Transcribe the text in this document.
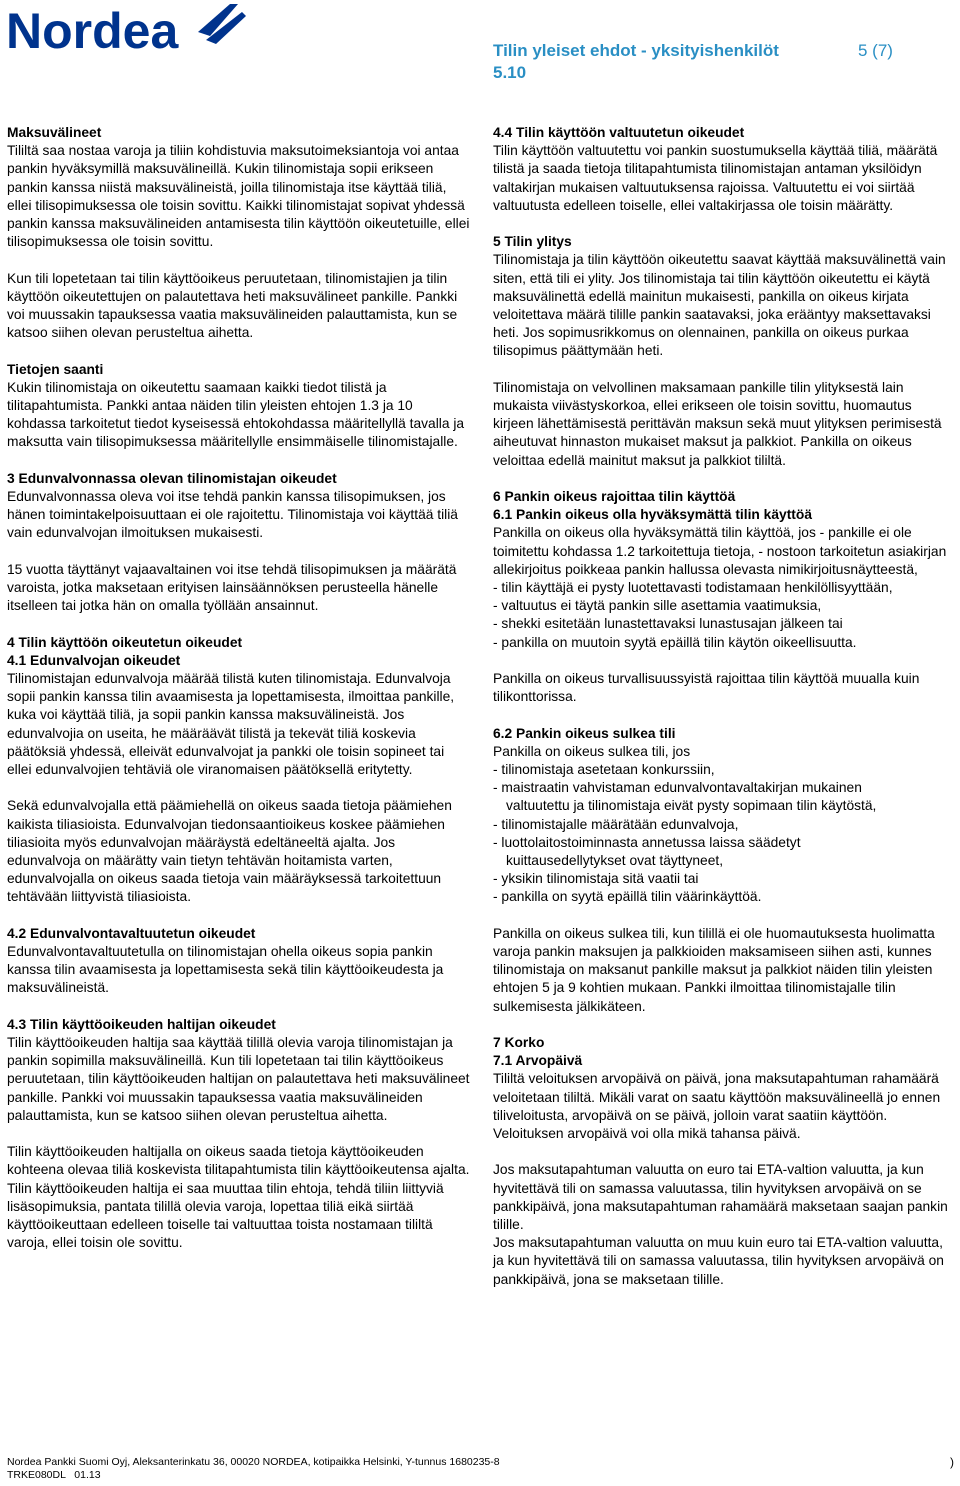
Nordea	Tilin yleiset ehdot - yksityishenkilöt
5.10
5 (7)
Maksuvälineet

Tililtä saa nostaa varoja ja tiliin kohdistuvia maksutoimeksiantoja voi antaa pankin hyväksymillä maksuvälineillä. Kukin tilinomistaja sopii erikseen pankin kanssa niistä maksuvälineistä, joilla tilinomistaja itse käyttää tiliä, ellei tilisopimuksessa ole toisin sovittu. Kaikki tilinomistajat sopivat yhdessä pankin kanssa maksuvälineiden antamisesta tilin käyttöön oikeutetuille, ellei tilisopimuksessa ole toisin sovittu.

Kun tili lopetetaan tai tilin käyttöoikeus peruutetaan, tilinomistajien ja tilin käyttöön oikeutettujen on palautettava heti maksuvälineet pankille. Pankki voi muussakin tapauksessa vaatia maksuvälineiden palauttamista, kun se katsoo siihen olevan perusteltua aihetta.

Tietojen saanti

Kukin tilinomistaja on oikeutettu saamaan kaikki tiedot tilistä ja tilitapahtumista. Pankki antaa näiden tilin yleisten ehtojen 1.3 ja 10 kohdassa tarkoitetut tiedot kyseisessä ehtokohdassa määritellyllä tavalla ja maksutta vain tilisopimuksessa määritellylle ensimmäiselle tilinomistajalle.

3 Edunvalvonnassa olevan tilinomistajan oikeudet

Edunvalvonnassa oleva voi itse tehdä pankin kanssa tilisopimuksen, jos hänen toimintakelpoisuuttaan ei ole rajoitettu. Tilinomistaja voi käyttää tiliä vain edunvalvojan ilmoituksen mukaisesti.

15 vuotta täyttänyt vajaavaltainen voi itse tehdä tilisopimuksen ja määrätä varoista, jotka maksetaan erityisen lainsäännöksen perusteella hänelle itselleen tai jotka hän on omalla työllään ansainnut.

4 Tilin käyttöön oikeutetun oikeudet
4.1 Edunvalvojan oikeudet

Tilinomistajan edunvalvoja määrää tilistä kuten tilinomistaja. Edunvalvoja sopii pankin kanssa tilin avaamisesta ja lopettamisesta, ilmoittaa pankille, kuka voi käyttää tiliä, ja sopii pankin kanssa maksuvälineistä. Jos edunvalvojia on useita, he määräävät tilistä ja tekevät tiliä koskevia päätöksiä yhdessä, elleivät edunvalvojat ja pankki ole toisin sopineet tai ellei edunvalvojien tehtäviä ole viranomaisen päätöksellä eritytetty.

Sekä edunvalvojalla että päämiehellä on oikeus saada tietoja päämiehen kaikista tiliasioista. Edunvalvojan tiedonsaantioikeus koskee päämiehen tiliasioita myös edunvalvojan määräystä edeltäneeltä ajalta. Jos edunvalvoja on määrätty vain tietyn tehtävän hoitamista varten, edunvalvojalla on oikeus saada tietoja vain määräyksessä tarkoitettuun tehtävään liittyvistä tiliasioista.

4.2 Edunvalvontavaltuutetun oikeudet

Edunvalvontavaltuutetulla on tilinomistajan ohella oikeus sopia pankin kanssa tilin avaamisesta ja lopettamisesta sekä tilin käyttöoikeudesta ja maksuvälineistä.

4.3 Tilin käyttöoikeuden haltijan oikeudet

Tilin käyttöoikeuden haltija saa käyttää tilillä olevia varoja tilinomistajan ja pankin sopimilla maksuvälineillä. Kun tili lopetetaan tai tilin käyttöoikeus peruutetaan, tilin käyttöoikeuden haltijan on palautettava heti maksuvälineet pankille. Pankki voi muussakin tapauksessa vaatia maksuvälineiden palauttamista, kun se katsoo siihen olevan perusteltua aihetta.

Tilin käyttöoikeuden haltijalla on oikeus saada tietoja käyttöoikeuden kohteena olevaa tiliä koskevista tilitapahtumista tilin käyttöoikeutensa ajalta. Tilin käyttöoikeuden haltija ei saa muuttaa tilin ehtoja, tehdä tiliin liittyviä lisäsopimuksia, pantata tilillä olevia varoja, lopettaa tiliä eikä siirtää käyttöoikeuttaan edelleen toiselle tai valtuuttaa toista nostamaan tililtä varoja, ellei toisin ole sovittu.

4.4 Tilin käyttöön valtuutetun oikeudet

Tilin käyttöön valtuutettu voi pankin suostumuksella käyttää tiliä, määrätä tilistä ja saada tietoja tilitapahtumista tilinomistajan antaman yksilöidyn valtakirjan mukaisen valtuutuksensa rajoissa. Valtuutettu ei voi siirtää valtuutusta edelleen toiselle, ellei valtakirjassa ole toisin määrätty.

5 Tilin ylitys

Tilinomistaja ja tilin käyttöön oikeutettu saavat käyttää maksuvälinettä vain siten, että tili ei ylity. Jos tilinomistaja tai tilin käyttöön oikeutettu ei käytä maksuvälinettä edellä mainitun mukaisesti, pankilla on oikeus kirjata veloitettava määrä tilille pankin saatavaksi, joka erääntyy maksettavaksi heti. Jos sopimusrikkomus on olennainen, pankilla on oikeus purkaa tilisopimus päättymään heti.

Tilinomistaja on velvollinen maksamaan pankille tilin ylityksestä lain mukaista viivästyskorkoa, ellei erikseen ole toisin sovittu, huomautus kirjeen lähettämisestä perittävän maksun sekä muut ylityksen perimisestä aiheutuvat hinnaston mukaiset maksut ja palkkiot. Pankilla on oikeus veloittaa edellä mainitut maksut ja palkkiot tililtä.

6 Pankin oikeus rajoittaa tilin käyttöä
6.1 Pankin oikeus olla hyväksymättä tilin käyttöä

Pankilla on oikeus olla hyväksymättä tilin käyttöä, jos - pankille ei ole toimitettu kohdassa 1.2 tarkoitettuja tietoja, - nostoon tarkoitetun asiakirjan allekirjoitus poikkeaa pankin hallussa olevasta nimikirjoitusnäytteestä,

- tilin käyttäjä ei pysty luotettavasti todistamaan henkilöllisyyttään,

- valtuutus ei täytä pankin sille asettamia vaatimuksia,

- shekki esitetään lunastettavaksi lunastusajan jälkeen tai

- pankilla on muutoin syytä epäillä tilin käytön oikeellisuutta.

Pankilla on oikeus turvallisuussyistä rajoittaa tilin käyttöä muualla kuin tilikonttorissa.

6.2 Pankin oikeus sulkea tili

Pankilla on oikeus sulkea tili, jos

- tilinomistaja asetetaan konkurssiin,

- maistraatin vahvistaman edunvalvontavaltakirjan mukainen

valtuutettu ja tilinomistaja eivät pysty sopimaan tilin käytöstä,

- tilinomistajalle määrätään edunvalvoja,

- luottolaitostoiminnasta annetussa laissa säädetyt

kuittausedellytykset ovat täyttyneet,

- yksikin tilinomistaja sitä vaatii tai

- pankilla on syytä epäillä tilin väärinkäyttöä.

Pankilla on oikeus sulkea tili, kun tilillä ei ole huomautuksesta huolimatta varoja pankin maksujen ja palkkioiden maksamiseen siihen asti, kunnes tilinomistaja on maksanut pankille maksut ja palkkiot näiden tilin yleisten ehtojen 5 ja 9 kohtien mukaan. Pankki ilmoittaa tilinomistajalle tilin sulkemisesta jälkikäteen.

7 Korko
7.1 Arvopäivä

Tililtä veloituksen arvopäivä on päivä, jona maksutapahtuman rahamäärä veloitetaan tililtä. Mikäli varat on saatu käyttöön maksuvälineellä jo ennen tiliveloitusta, arvopäivä on se päivä, jolloin varat saatiin käyttöön. Veloituksen arvopäivä voi olla mikä tahansa päivä.

Jos maksutapahtuman valuutta on euro tai ETA-valtion valuutta, ja kun hyvitettävä tili on samassa valuutassa, tilin hyvityksen arvopäivä on se pankkipäivä, jona maksutapahtuman rahamäärä maksetaan saajan pankin tilille.

Jos maksutapahtuman valuutta on muu kuin euro tai ETA-valtion valuutta, ja kun hyvitettävä tili on samassa valuutassa, tilin hyvityksen arvopäivä on pankkipäivä, jona se maksetaan tilille.

Nordea Pankki Suomi Oyj, Aleksanterinkatu 36, 00020 NORDEA, kotipaikka Helsinki, Y-tunnus 1680235-8
TRKE080DL   01.13
)
